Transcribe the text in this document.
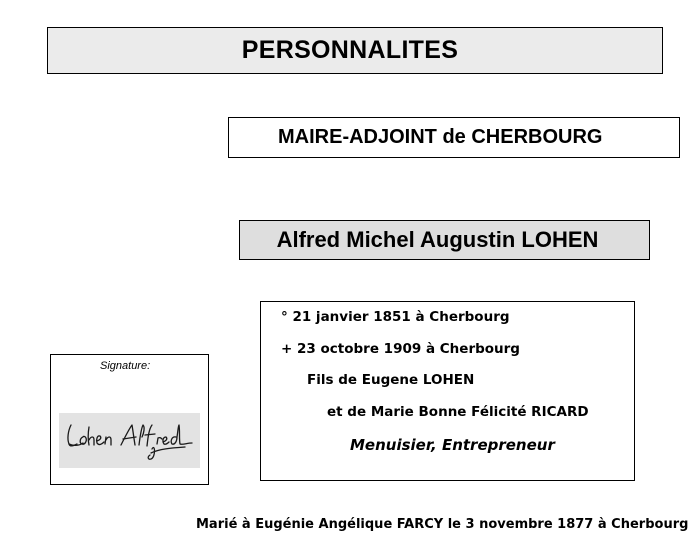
PERSONNALITES
MAIRE-ADJOINT de CHERBOURG
Alfred Michel Augustin LOHEN
° 21 janvier 1851 à Cherbourg
+ 23 octobre 1909 à Cherbourg
Fils de Eugene LOHEN
et de Marie Bonne Félicité RICARD
Menuisier, Entrepreneur
Signature:
Marié à Eugénie Angélique FARCY le 3 novembre 1877 à Cherbourg
